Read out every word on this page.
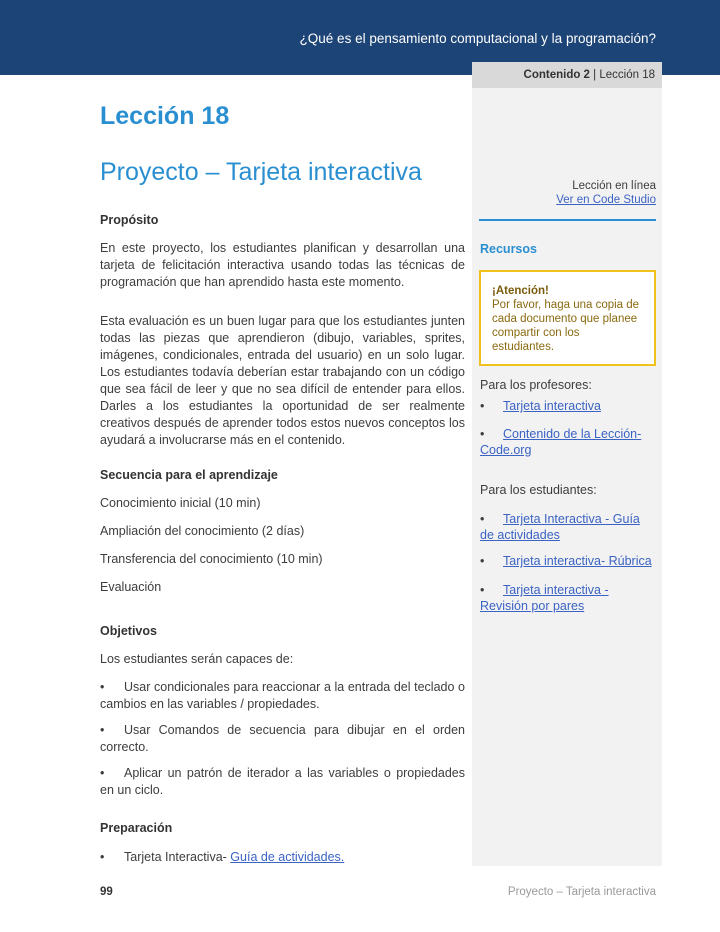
¿Qué es el pensamiento computacional y la programación?
Contenido 2 | Lección 18
Lección 18
Proyecto – Tarjeta interactiva
Propósito
En este proyecto, los estudiantes planifican y desarrollan una tarjeta de felicitación interactiva usando todas las técnicas de programación que han aprendido hasta este momento.
Esta evaluación es un buen lugar para que los estudiantes junten todas las piezas que aprendieron (dibujo, variables, sprites, imágenes, condicionales, entrada del usuario) en un solo lugar. Los estudiantes todavía deberían estar trabajando con un código que sea fácil de leer y que no sea difícil de entender para ellos. Darles a los estudiantes la oportunidad de ser realmente creativos después de aprender todos estos nuevos conceptos los ayudará a involucrarse más en el contenido.
Secuencia para el aprendizaje
Conocimiento inicial (10 min)
Ampliación del conocimiento (2 días)
Transferencia del conocimiento (10 min)
Evaluación
Objetivos
Los estudiantes serán capaces de:
• Usar condicionales para reaccionar a la entrada del teclado o cambios en las variables / propiedades.
• Usar Comandos de secuencia para dibujar en el orden correcto.
• Aplicar un patrón de iterador a las variables o propiedades en un ciclo.
Preparación
• Tarjeta Interactiva- Guía de actividades.
Lección en línea
Ver en Code Studio
Recursos
¡Atención!
Por favor, haga una copia de cada documento que planee compartir con los estudiantes.
Para los profesores:
• Tarjeta interactiva
• Contenido de la Lección- Code.org
Para los estudiantes:
• Tarjeta Interactiva - Guía de actividades
• Tarjeta interactiva- Rúbrica
• Tarjeta interactiva - Revisión por pares
99	Proyecto – Tarjeta interactiva
